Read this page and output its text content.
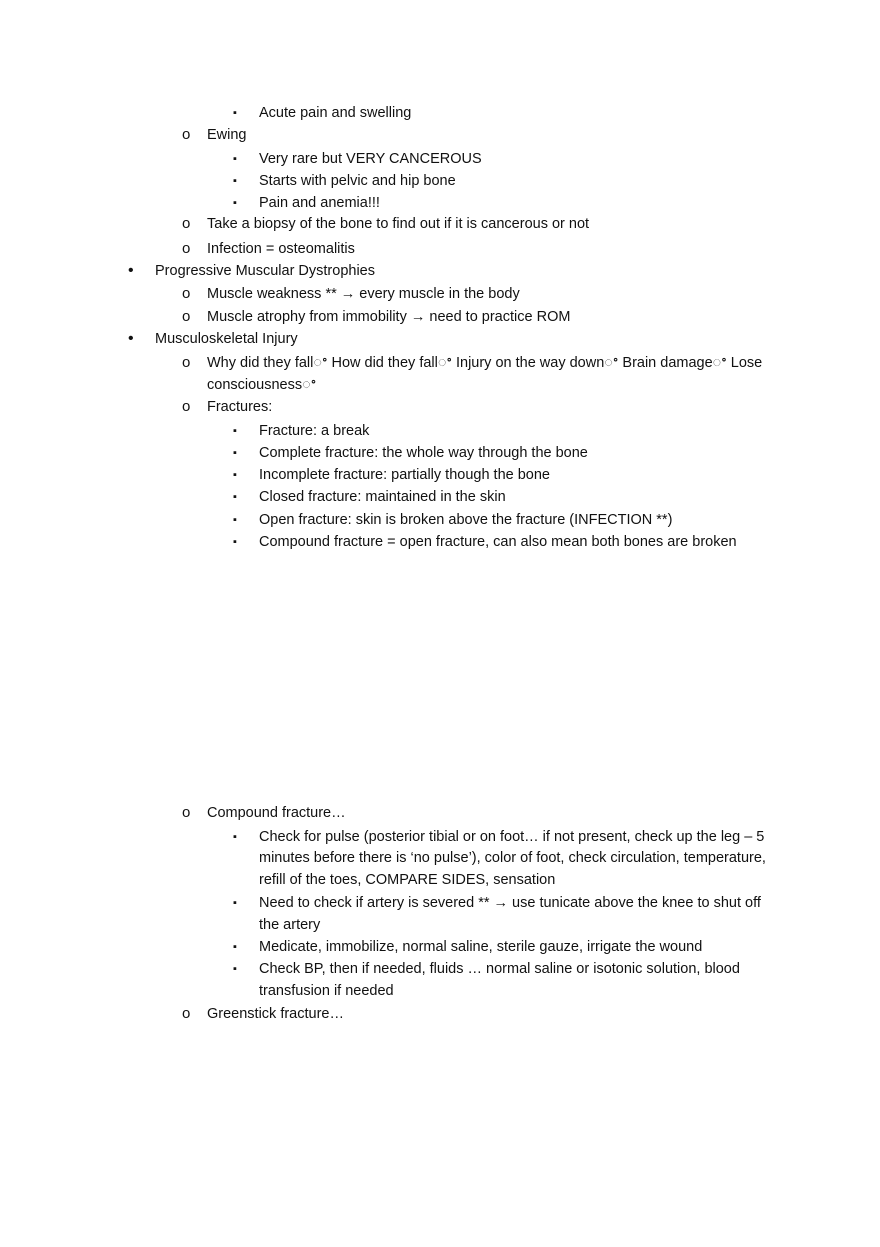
▪ Acute pain and swelling
o Ewing
▪ Very rare but VERY CANCEROUS
▪ Starts with pelvic and hip bone
▪ Pain and anemia!!!
o Take a biopsy of the bone to find out if it is cancerous or not
o Infection = osteomalitis
• Progressive Muscular Dystrophies
o Muscle weakness ** → every muscle in the body
o Muscle atrophy from immobility → need to practice ROM
• Musculoskeletal Injury
o Why did they fallꢀ How did they fallꢀ Injury on the way downꢀ Brain damageꢀ Lose
consciousnessꢀ
o Fractures:
▪ Fracture: a break
▪ Complete fracture: the whole way through the bone
▪ Incomplete fracture: partially though the bone
▪ Closed fracture: maintained in the skin
▪ Open fracture: skin is broken above the fracture (INFECTION **)
▪ Compound fracture = open fracture, can also mean both bones are broken
o Compound fracture…
▪ Check for pulse (posterior tibial or on foot… if not present, check up the leg – 5
minutes before there is ‘no pulse’), color of foot, check circulation, temperature,
refill of the toes, COMPARE SIDES, sensation
▪ Need to check if artery is severed ** → use tunicate above the knee to shut off
the artery
▪ Medicate, immobilize, normal saline, sterile gauze, irrigate the wound
▪ Check BP, then if needed, fluids … normal saline or isotonic solution, blood
transfusion if needed
o Greenstick fracture…
